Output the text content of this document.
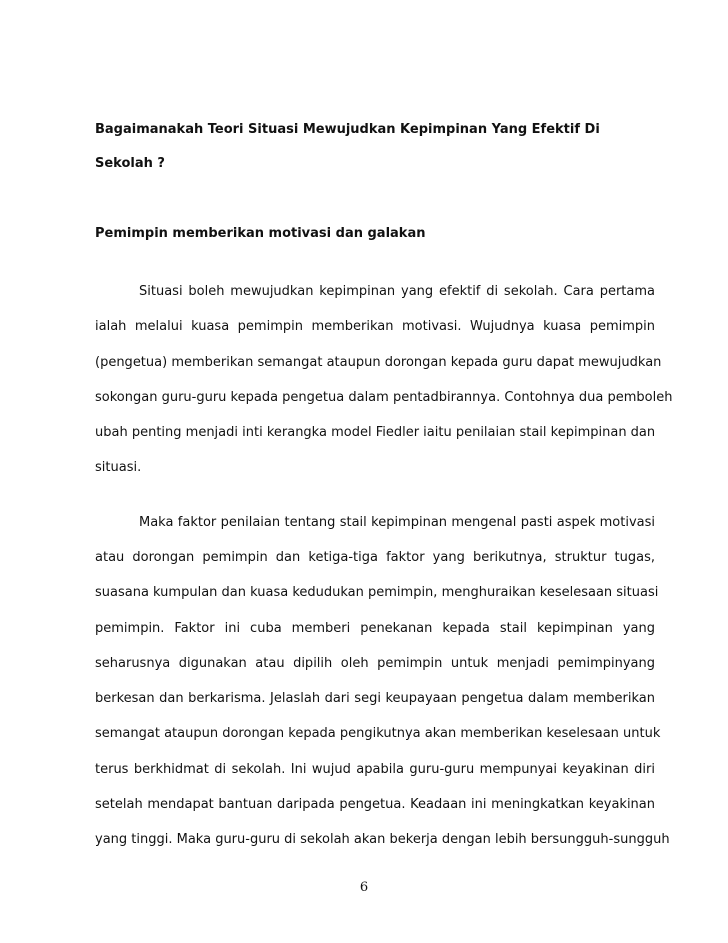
Bagaimanakah Teori Situasi Mewujudkan Kepimpinan Yang Efektif Di

Sekolah ?

Pemimpin memberikan motivasi dan galakan

Situasi boleh mewujudkan kepimpinan yang efektif di sekolah. Cara pertama

ialah melalui kuasa pemimpin memberikan motivasi. Wujudnya kuasa pemimpin

(pengetua) memberikan semangat ataupun dorongan kepada guru dapat mewujudkan

sokongan guru-guru kepada pengetua dalam pentadbirannya. Contohnya dua pemboleh

ubah penting menjadi inti kerangka model Fiedler iaitu penilaian stail kepimpinan dan

situasi.

Maka faktor penilaian tentang stail kepimpinan mengenal pasti aspek motivasi

atau dorongan pemimpin dan ketiga-tiga faktor yang berikutnya, struktur tugas,

suasana kumpulan dan kuasa kedudukan pemimpin, menghuraikan keselesaan situasi

pemimpin. Faktor ini cuba memberi penekanan kepada stail kepimpinan yang

seharusnya digunakan atau dipilih oleh pemimpin untuk menjadi pemimpinyang

berkesan dan berkarisma. Jelaslah dari segi keupayaan pengetua dalam memberikan

semangat ataupun dorongan kepada pengikutnya akan memberikan keselesaan untuk

terus berkhidmat di sekolah. Ini wujud apabila guru-guru mempunyai keyakinan diri

setelah mendapat bantuan daripada pengetua. Keadaan ini meningkatkan keyakinan

yang tinggi. Maka guru-guru di sekolah akan bekerja dengan lebih bersungguh-sungguh

6
